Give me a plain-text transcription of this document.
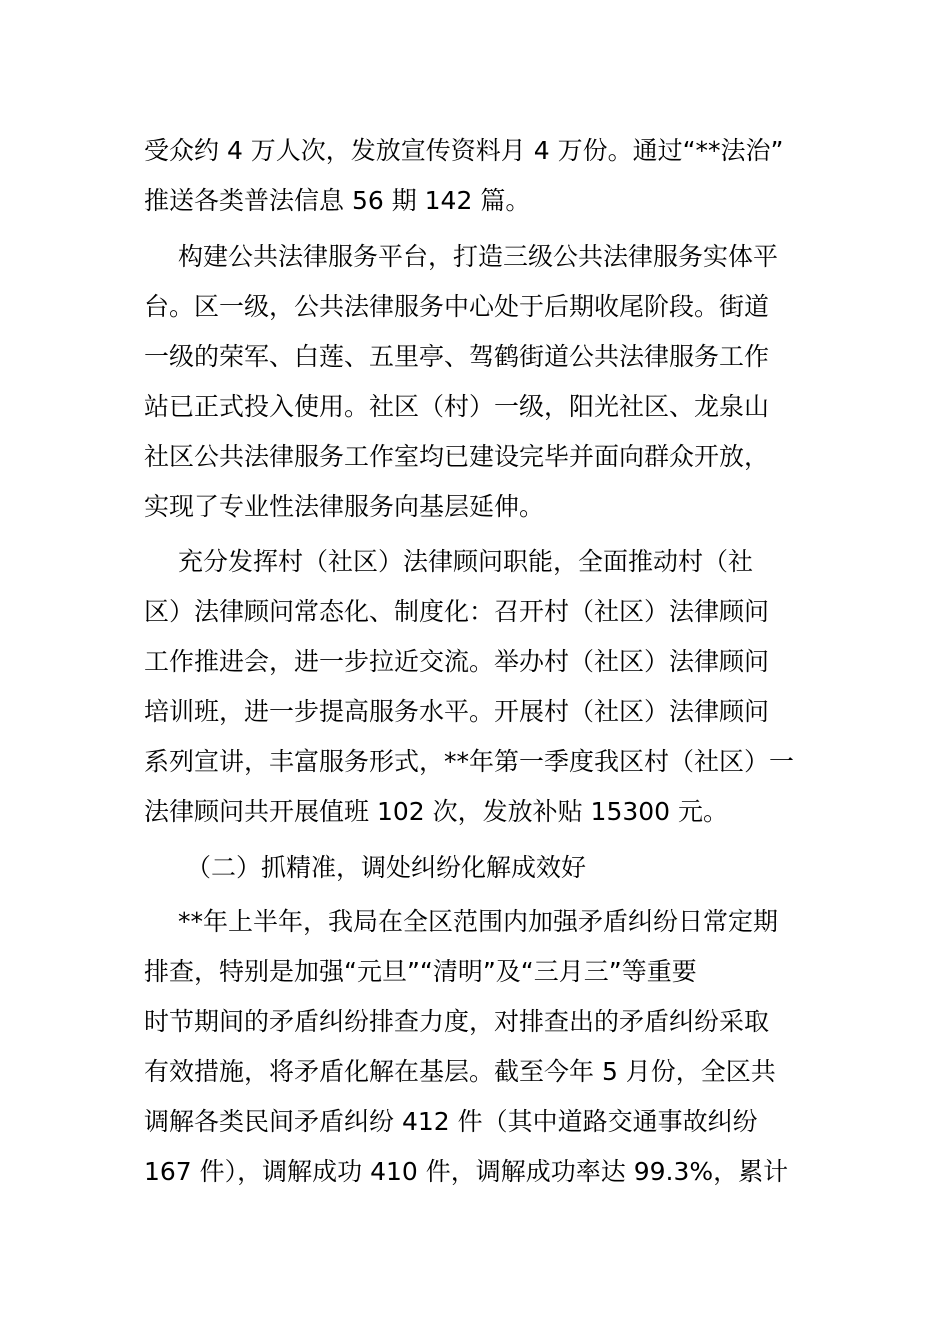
受众约 4 万人次，发放宣传资料月 4 万份。通过“**法治”

推送各类普法信息 56 期 142 篇。

构建公共法律服务平台，打造三级公共法律服务实体平

台。区一级，公共法律服务中心处于后期收尾阶段。街道

一级的荣军、白莲、五里亭、驾鹤街道公共法律服务工作

站已正式投入使用。社区（村）一级，阳光社区、龙泉山

社区公共法律服务工作室均已建设完毕并面向群众开放，

实现了专业性法律服务向基层延伸。

充分发挥村（社区）法律顾问职能，全面推动村（社

区）法律顾问常态化、制度化：召开村（社区）法律顾问

工作推进会，进一步拉近交流。举办村（社区）法律顾问

培训班，进一步提高服务水平。开展村（社区）法律顾问

系列宣讲，丰富服务形式，**年第一季度我区村（社区）一

法律顾问共开展值班 102 次，发放补贴 15300 元。

（二）抓精准，调处纠纷化解成效好

**年上半年，我局在全区范围内加强矛盾纠纷日常定期

排查，特别是加强“元旦”“清明”及“三月三”等重要

时节期间的矛盾纠纷排查力度，对排查出的矛盾纠纷采取

有效措施，将矛盾化解在基层。截至今年 5 月份，全区共

调解各类民间矛盾纠纷 412 件（其中道路交通事故纠纷

167 件），调解成功 410 件，调解成功率达 99.3%，累计
